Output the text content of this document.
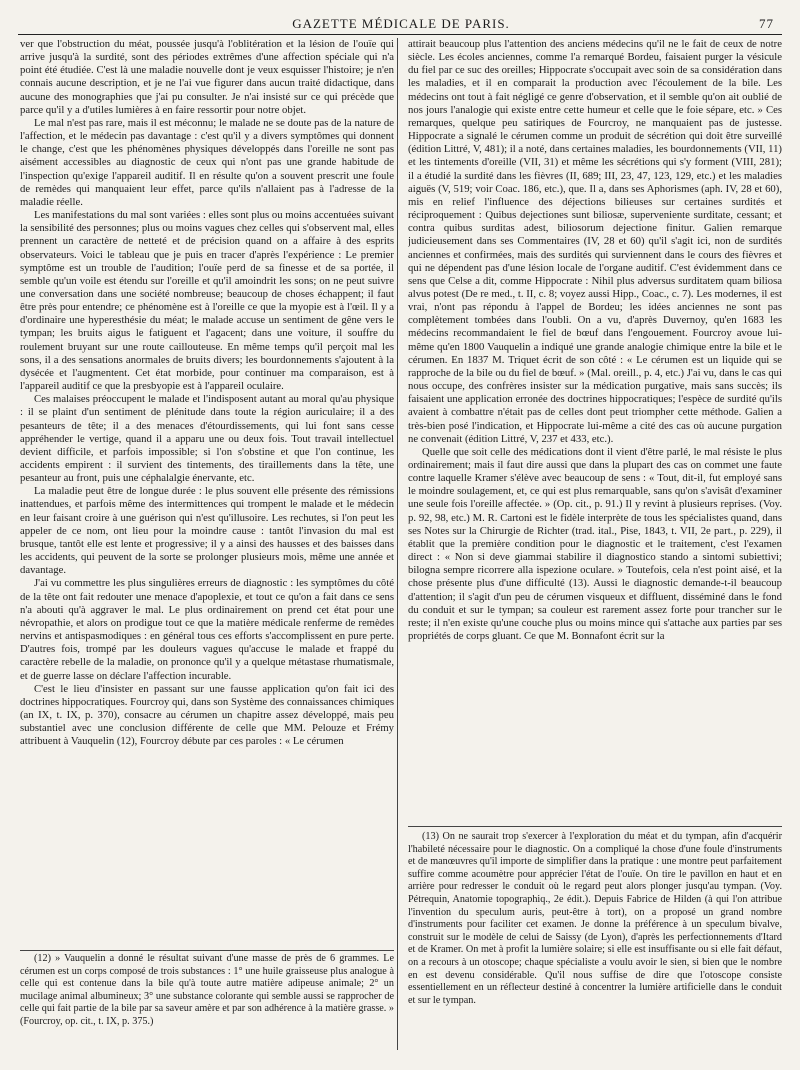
GAZETTE MÉDICALE DE PARIS.	77

ver que l'obstruction du méat, poussée jusqu'à l'oblitération et la lésion de l'ouïe qui arrive jusqu'à la surdité, sont des périodes extrêmes d'une affection spéciale qui n'a point été étudiée. C'est là une maladie nouvelle dont je veux esquisser l'histoire; je n'en connais aucune description, et je ne l'ai vue figurer dans aucun traité didactique, dans aucune des monographies que j'ai pu consulter. Je n'ai insisté sur ce qui précède que parce qu'il y a d'utiles lumières à en faire ressortir pour notre objet.

Le mal n'est pas rare, mais il est méconnu; le malade ne se doute pas de la nature de l'affection, et le médecin pas davantage : c'est qu'il y a divers symptômes qui donnent le change, c'est que les phénomènes physiques développés dans l'oreille ne sont pas aisément accessibles au diagnostic de ceux qui n'ont pas une grande habitude de l'inspection qu'exige l'appareil auditif. Il en résulte qu'on a souvent prescrit une foule de remèdes qui manquaient leur effet, parce qu'ils n'allaient pas à l'adresse de la maladie réelle.

Les manifestations du mal sont variées : elles sont plus ou moins accentuées suivant la sensibilité des personnes; plus ou moins vagues chez celles qui s'observent mal, elles prennent un caractère de netteté et de précision quand on a affaire à des esprits observateurs. Voici le tableau que je puis en tracer d'après l'expérience : Le premier symptôme est un trouble de l'audition; l'ouïe perd de sa finesse et de sa portée, il semble qu'un voile est étendu sur l'oreille et qu'il amoindrit les sons; on ne peut suivre une conversation dans une société nombreuse; beaucoup de choses échappent; il faut être près pour entendre; ce phénomène est à l'oreille ce que la myopie est à l'œil. Il y a d'ordinaire une hyperesthésie du méat; le malade accuse un sentiment de gêne vers le tympan; les bruits aigus le fatiguent et l'agacent; dans une voiture, il souffre du roulement bruyant sur une route caillouteuse. En même temps qu'il perçoit mal les sons, il a des sensations anormales de bruits divers; les bourdonnements s'ajoutent à la dysécée et l'augmentent. Cet état morbide, pour continuer ma comparaison, est à l'appareil auditif ce que la presbyopie est à l'appareil oculaire.

Ces malaises préoccupent le malade et l'indisposent autant au moral qu'au physique : il se plaint d'un sentiment de plénitude dans toute la région auriculaire; il a des pesanteurs de tête; il a des menaces d'étourdissements, qui lui font sans cesse appréhender le vertige, quand il a apparu une ou deux fois. Tout travail intellectuel devient difficile, et parfois impossible; si l'on s'obstine et que l'on continue, les accidents empirent : il survient des tintements, des tiraillements dans la tête, une pesanteur au front, puis une céphalalgie énervante, etc.

La maladie peut être de longue durée : le plus souvent elle présente des rémissions inattendues, et parfois même des intermittences qui trompent le malade et le médecin en leur faisant croire à une guérison qui n'est qu'illusoire. Les rechutes, si l'on peut les appeler de ce nom, ont lieu pour la moindre cause : tantôt l'invasion du mal est brusque, tantôt elle est lente et progressive; il y a ainsi des hausses et des baisses dans les accidents, qui peuvent de la sorte se prolonger plusieurs mois, même une année et davantage.

J'ai vu commettre les plus singulières erreurs de diagnostic : les symptômes du côté de la tête ont fait redouter une menace d'apoplexie, et tout ce qu'on a fait dans ce sens n'a abouti qu'à aggraver le mal. Le plus ordinairement on prend cet état pour une névropathie, et alors on prodigue tout ce que la matière médicale renferme de remèdes nervins et antispasmodiques : en général tous ces efforts s'accomplissent en pure perte. D'autres fois, trompé par les douleurs vagues qu'accuse le malade et frappé du caractère rebelle de la maladie, on prononce qu'il y a quelque métastase rhumatismale, et de guerre lasse on déclare l'affection incurable.

C'est le lieu d'insister en passant sur une fausse application qu'on fait ici des doctrines hippocratiques. Fourcroy qui, dans son Système des connaissances chimiques (an IX, t. IX, p. 370), consacre au cérumen un chapitre assez développé, mais peu substantiel avec une conclusion différente de celle que MM. Pelouze et Frémy attribuent à Vauquelin (12), Fourcroy débute par ces paroles : « Le cérumen

attirait beaucoup plus l'attention des anciens médecins qu'il ne le fait de ceux de notre siècle. Les écoles anciennes, comme l'a remarqué Bordeu, faisaient purger la vésicule du fiel par ce suc des oreilles; Hippocrate s'occupait avec soin de sa considération dans les maladies, et il en comparait la production avec l'écoulement de la bile. Les médecins ont tout à fait négligé ce genre d'observation, et il semble qu'on ait oublié de nos jours l'analogie qui existe entre cette humeur et celle que le foie sépare, etc. » Ces remarques, quelque peu satiriques de Fourcroy, ne manquaient pas de justesse. Hippocrate a signalé le cérumen comme un produit de sécrétion qui doit être surveillé (édition Littré, V, 481); il a noté, dans certaines maladies, les bourdonnements (VII, 11) et les tintements d'oreille (VII, 31) et même les sécrétions qui s'y forment (VIII, 281); il a étudié la surdité dans les fièvres (II, 689; III, 23, 47, 123, 129, etc.) et les maladies aiguës (V, 519; voir Coac. 186, etc.), que. Il a, dans ses Aphorismes (aph. IV, 28 et 60), mis en relief l'influence des déjections bilieuses sur certaines surdités et réciproquement : Quibus dejectiones sunt biliosæ, superveniente surditate, cessant; et contra quibus surditas adest, biliosorum dejectione finitur. Galien remarque judicieusement dans ses Commentaires (IV, 28 et 60) qu'il s'agit ici, non de surdités anciennes et confirmées, mais des surdités qui surviennent dans le cours des fièvres et qui ne dépendent pas d'une lésion locale de l'organe auditif. C'est évidemment dans ce sens que Celse a dit, comme Hippocrate : Nihil plus adversus surditatem quam biliosa alvus potest (De re med., t. II, c. 8; voyez aussi Hipp., Coac., c. 7). Les modernes, il est vrai, n'ont pas répondu à l'appel de Bordeu; les idées anciennes ne sont pas complètement tombées dans l'oubli. On a vu, d'après Duvernoy, qu'en 1683 les médecins recommandaient le fiel de bœuf dans l'engouement. Fourcroy avoue lui-même qu'en 1800 Vauquelin a indiqué une grande analogie chimique entre la bile et le cérumen. En 1837 M. Triquet écrit de son côté : « Le cérumen est un liquide qui se rapproche de la bile ou du fiel de bœuf. » (Mal. oreill., p. 4, etc.) J'ai vu, dans le cas qui nous occupe, des confrères insister sur la médication purgative, mais sans succès; ils faisaient une application erronée des doctrines hippocratiques; l'espèce de surdité qu'ils avaient à combattre n'était pas de celles dont peut triompher cette méthode. Galien a très-bien posé l'indication, et Hippocrate lui-même a cité des cas où aucune purgation ne convenait (édition Littré, V, 237 et 433, etc.).

Quelle que soit celle des médications dont il vient d'être parlé, le mal résiste le plus ordinairement; mais il faut dire aussi que dans la plupart des cas on commet une faute contre laquelle Kramer s'élève avec beaucoup de sens : « Tout, dit-il, fut employé sans le moindre soulagement, et, ce qui est plus remarquable, sans qu'on s'avisât d'examiner une seule fois l'oreille affectée. » (Op. cit., p. 91.) Il y revint à plusieurs reprises. (Voy. p. 92, 98, etc.) M. R. Cartoni est le fidèle interprète de tous les spécialistes quand, dans ses Notes sur la Chirurgie de Richter (trad. ital., Pise, 1843, t. VII, 2e part., p. 229), il établit que la première condition pour le diagnostic et le traitement, c'est l'examen direct : « Non si deve giammai stabilire il diagnostico stando a sintomi subiettivi; bilogna sempre ricorrere alla ispezione oculare. » Toutefois, cela n'est point aisé, et la chose présente plus d'une difficulté (13). Aussi le diagnostic demande-t-il beaucoup d'attention; il s'agit d'un peu de cérumen visqueux et diffluent, disséminé dans le fond du conduit et sur le tympan; sa couleur est rarement assez forte pour trancher sur le reste; il n'en existe qu'une couche plus ou moins mince qui s'attache aux parties par ses propriétés de corps gluant. Ce que M. Bonnafont écrit sur la

(12) » Vauquelin a donné le résultat suivant d'une masse de près de 6 grammes. Le cérumen est un corps composé de trois substances : 1° une huile graisseuse plus analogue à celle qui est contenue dans la bile qu'à toute autre matière adipeuse animale; 2° un mucilage animal albumineux; 3° une substance colorante qui semble aussi se rapprocher de celle qui fait partie de la bile par sa saveur amère et par son adhérence à la matière grasse. » (Fourcroy, op. cit., t. IX, p. 375.)

(13) On ne saurait trop s'exercer à l'exploration du méat et du tympan, afin d'acquérir l'habileté nécessaire pour le diagnostic. On a compliqué la chose d'une foule d'instruments et de manœuvres qu'il importe de simplifier dans la pratique : une montre peut parfaitement suffire comme acoumètre pour apprécier l'état de l'ouïe. On tire le pavillon en haut et en arrière pour redresser le conduit où le regard peut alors plonger jusqu'au tympan. (Voy. Pétrequin, Anatomie topographiq., 2e édit.). Depuis Fabrice de Hilden (à qui l'on attribue l'invention du speculum auris, peut-être à tort), on a proposé un grand nombre d'instruments pour faciliter cet examen. Je donne la préférence à un speculum bivalve, construit sur le modèle de celui de Saissy (de Lyon), d'après les perfectionnements d'Itard et de Kramer. On met à profit la lumière solaire; si elle est insuffisante ou si elle fait défaut, on a recours à un otoscope; chaque spécialiste a voulu avoir le sien, si bien que le nombre en est devenu considérable. Qu'il nous suffise de dire que l'otoscope consiste essentiellement en un réflecteur destiné à concentrer la lumière artificielle dans le conduit et sur le tympan.
